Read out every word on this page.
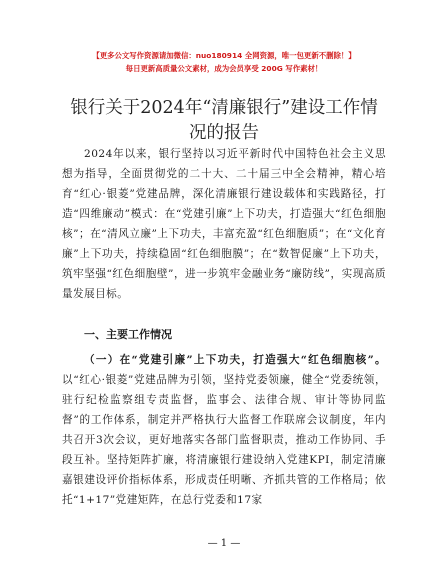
【更多公文写作资源请加微信：nuo180914 全网资源，唯一包更新不删除！】
每日更新高质量公文素材，成为会员享受 200G 写作素材！
银行关于2024年“清廉银行”建设工作情况的报告

2024年以来，银行坚持以习近平新时代中国特色社会主义思想为指导，全面贯彻党的二十大、二十届三中全会精神，精心培育“红心·银菱”党建品牌，深化清廉银行建设载体和实践路径，打造“四维廉动”模式：在“党建引廉”上下功夫，打造强大“红色细胞核”；在“清风立廉”上下功夫，丰富充盈“红色细胞质”；在“文化育廉”上下功夫，持续稳固“红色细胞膜”；在“数智促廉”上下功夫，筑牢坚强“红色细胞壁”，进一步筑牢金融业务“廉防线”，实现高质量发展目标。

一、主要工作情况

（一）在“党建引廉”上下功夫，打造强大“红色细胞核”。以“红心·银菱”党建品牌为引领，坚持党委领廉，健全“党委统领，驻行纪检监察组专责监督，监事会、法律合规、审计等协同监督”的工作体系，制定并严格执行大监督工作联席会议制度，年内共召开3次会议，更好地落实各部门监督职责，推动工作协同、手段互补。坚持矩阵扩廉，将清廉银行建设纳入党建KPI，制定清廉嘉银建设评价指标体系，形成责任明晰、齐抓共管的工作格局；依托“1+17”党建矩阵，在总行党委和17家

— 1 —
